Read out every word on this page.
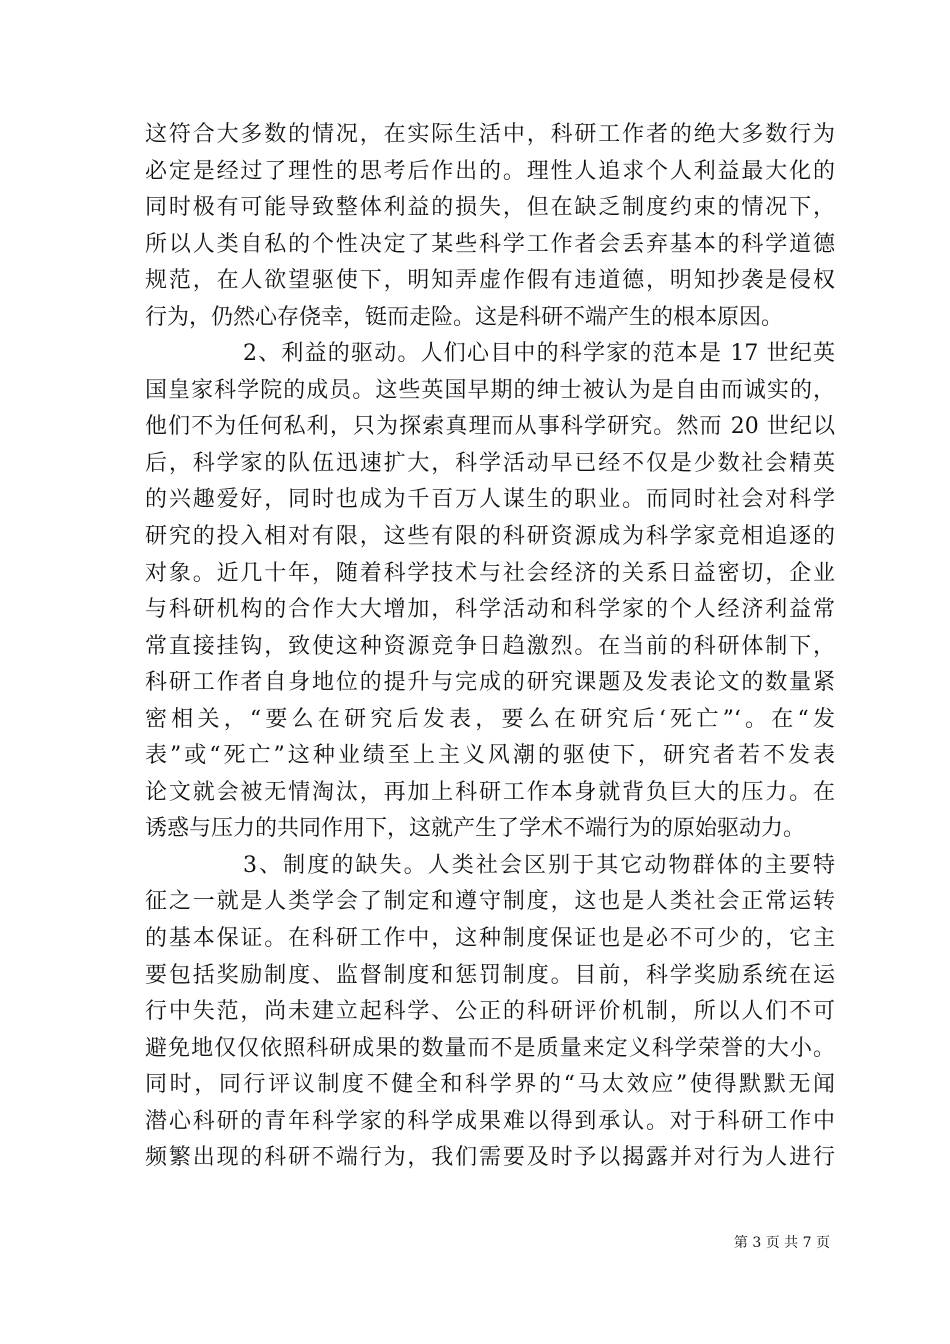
这符合大多数的情况，在实际生活中，科研工作者的绝大多数行为
必定是经过了理性的思考后作出的。理性人追求个人利益最大化的
同时极有可能导致整体利益的损失，但在缺乏制度约束的情况下，
所以人类自私的个性决定了某些科学工作者会丢弃基本的科学道德
规范，在人欲望驱使下，明知弄虚作假有违道德，明知抄袭是侵权
行为，仍然心存侥幸，铤而走险。这是科研不端产生的根本原因。
2、利益的驱动。人们心目中的科学家的范本是 17 世纪英
国皇家科学院的成员。这些英国早期的绅士被认为是自由而诚实的，
他们不为任何私利，只为探索真理而从事科学研究。然而 20 世纪以
后，科学家的队伍迅速扩大，科学活动早已经不仅是少数社会精英
的兴趣爱好，同时也成为千百万人谋生的职业。而同时社会对科学
研究的投入相对有限，这些有限的科研资源成为科学家竞相追逐的
对象。近几十年，随着科学技术与社会经济的关系日益密切，企业
与科研机构的合作大大增加，科学活动和科学家的个人经济利益常
常直接挂钩，致使这种资源竞争日趋激烈。在当前的科研体制下，
科研工作者自身地位的提升与完成的研究课题及发表论文的数量紧
密相关，“要么在研究后发表，要么在研究后‘死亡”‘。在“发
表”或“死亡”这种业绩至上主义风潮的驱使下，研究者若不发表
论文就会被无情淘汰，再加上科研工作本身就背负巨大的压力。在
诱惑与压力的共同作用下，这就产生了学术不端行为的原始驱动力。
3、制度的缺失。人类社会区别于其它动物群体的主要特
征之一就是人类学会了制定和遵守制度，这也是人类社会正常运转
的基本保证。在科研工作中，这种制度保证也是必不可少的，它主
要包括奖励制度、监督制度和惩罚制度。目前，科学奖励系统在运
行中失范，尚未建立起科学、公正的科研评价机制，所以人们不可
避免地仅仅依照科研成果的数量而不是质量来定义科学荣誉的大小。
同时，同行评议制度不健全和科学界的“马太效应”使得默默无闻
潜心科研的青年科学家的科学成果难以得到承认。对于科研工作中
频繁出现的科研不端行为，我们需要及时予以揭露并对行为人进行
第 3 页 共 7 页
